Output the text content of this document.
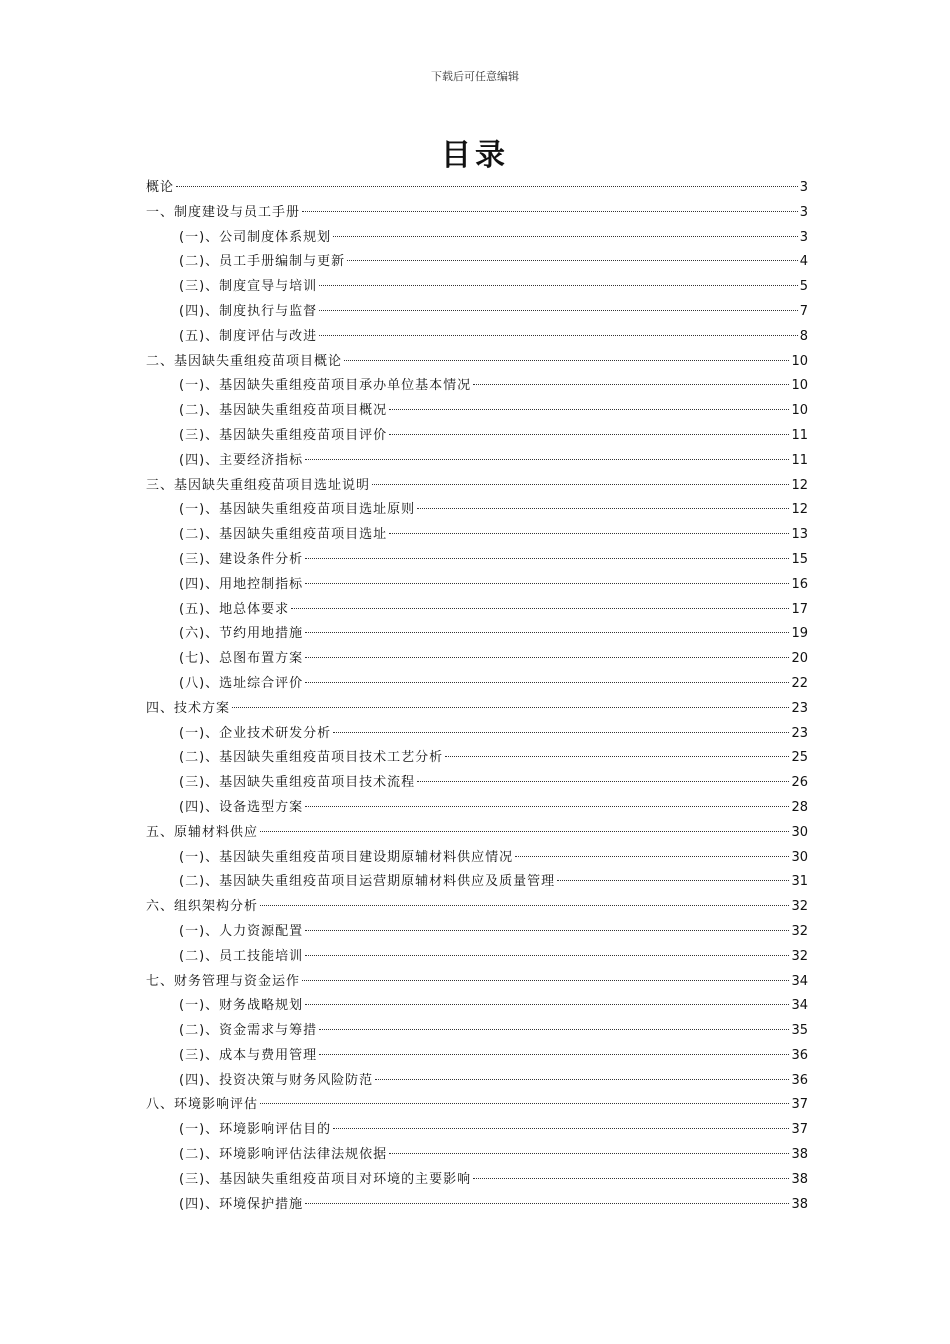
下载后可任意编辑
目录
概论	3
一、制度建设与员工手册	3
(一)、公司制度体系规划	3
(二)、员工手册编制与更新	4
(三)、制度宣导与培训	5
(四)、制度执行与监督	7
(五)、制度评估与改进	8
二、基因缺失重组疫苗项目概论	10
(一)、基因缺失重组疫苗项目承办单位基本情况	10
(二)、基因缺失重组疫苗项目概况	10
(三)、基因缺失重组疫苗项目评价	11
(四)、主要经济指标	11
三、基因缺失重组疫苗项目选址说明	12
(一)、基因缺失重组疫苗项目选址原则	12
(二)、基因缺失重组疫苗项目选址	13
(三)、建设条件分析	15
(四)、用地控制指标	16
(五)、地总体要求	17
(六)、节约用地措施	19
(七)、总图布置方案	20
(八)、选址综合评价	22
四、技术方案	23
(一)、企业技术研发分析	23
(二)、基因缺失重组疫苗项目技术工艺分析	25
(三)、基因缺失重组疫苗项目技术流程	26
(四)、设备选型方案	28
五、原辅材料供应	30
(一)、基因缺失重组疫苗项目建设期原辅材料供应情况	30
(二)、基因缺失重组疫苗项目运营期原辅材料供应及质量管理	31
六、组织架构分析	32
(一)、人力资源配置	32
(二)、员工技能培训	32
七、财务管理与资金运作	34
(一)、财务战略规划	34
(二)、资金需求与筹措	35
(三)、成本与费用管理	36
(四)、投资决策与财务风险防范	36
八、环境影响评估	37
(一)、环境影响评估目的	37
(二)、环境影响评估法律法规依据	38
(三)、基因缺失重组疫苗项目对环境的主要影响	38
(四)、环境保护措施	38
